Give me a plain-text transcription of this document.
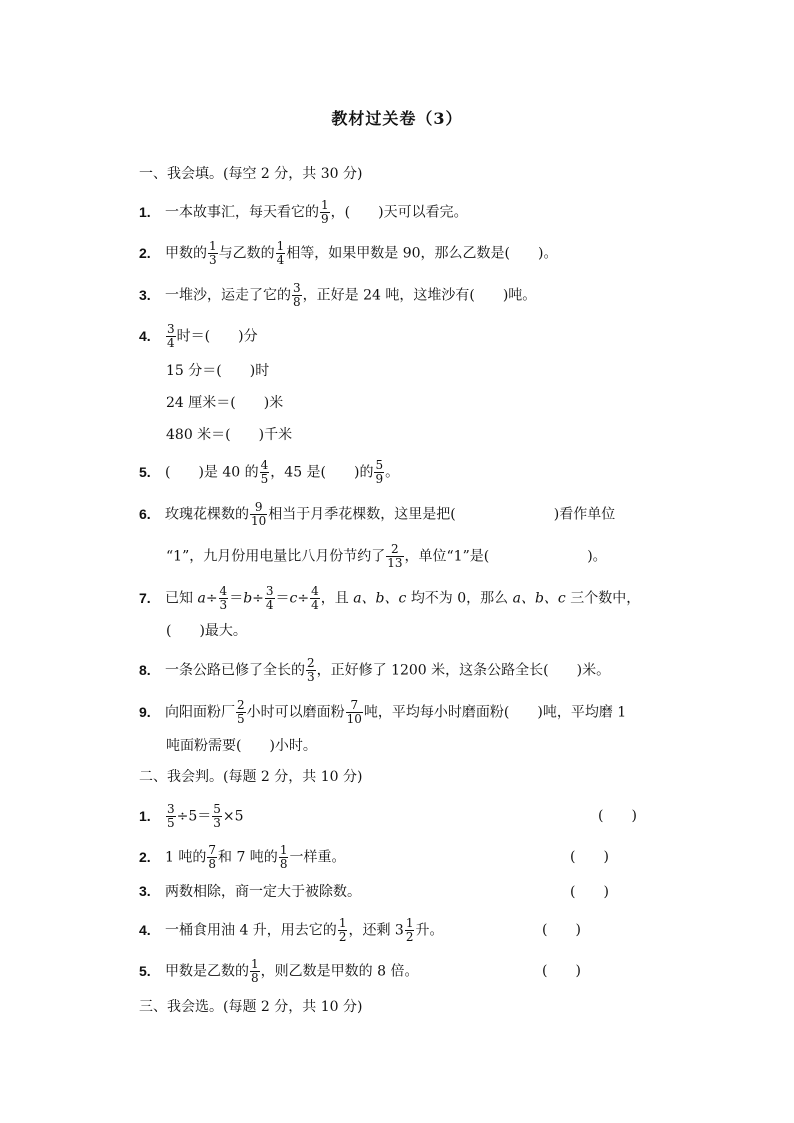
教材过关卷（3）
一、我会填。(每空 2 分，共 30 分)
1. 一本故事汇，每天看它的 $\frac{1}{9}$ ，(　　)天可以看完。
2. 甲数的 $\frac{1}{3}$ 与乙数的 $\frac{1}{4}$ 相等，如果甲数是 90，那么乙数是(　　)。
3. 一堆沙，运走了它的 $\frac{3}{8}$ ，正好是 24 吨，这堆沙有(　　)吨。
4. $\frac{3}{4}$ 时＝(　　)分
15 分＝(　　)时
24 厘米＝(　　)米
480 米＝(　　)千米
5. (　　)是 40 的 $\frac{4}{5}$ ，45 是(　　)的 $\frac{5}{9}$ 。
6. 玫瑰花棵数的 $\frac{9}{10}$ 相当于月季花棵数，这里是把(　　　　　　　)看作单位
“1”，九月份用电量比八月份节约了 $\frac{2}{13}$ ，单位“1”是(　　　　　　　)。
7. 已知 $a\div \frac{4}{3} =b\div \frac{3}{4} =c\div \frac{4}{4}$ ，且 a、b、c 均不为 0，那么 a、b、c 三个数中，
(　　)最大。
8. 一条公路已修了全长的 $\frac{2}{3}$ ，正好修了 1200 米，这条公路全长(　　)米。
9. 向阳面粉厂 $\frac{2}{5}$ 小时可以磨面粉 $\frac{7}{10}$ 吨，平均每小时磨面粉(　　)吨，平均磨 1
吨面粉需要(　　)小时。
二、我会判。(每题 2 分，共 10 分)
1. $\frac{3}{5} \div 5= \frac{5}{3} \times 5$	(　　)
2. 1 吨的 $\frac{7}{8}$ 和 7 吨的 $\frac{1}{8}$ 一样重。	(　　)
3. 两数相除，商一定大于被除数。	(　　)
4. 一桶食用油 4 升，用去它的 $\frac{1}{2}$ ，还剩 $3 \frac{1}{2}$ 升。	(　　)
5. 甲数是乙数的 $\frac{1}{8}$ ，则乙数是甲数的 8 倍。	(　　)
三、我会选。(每题 2 分，共 10 分)
